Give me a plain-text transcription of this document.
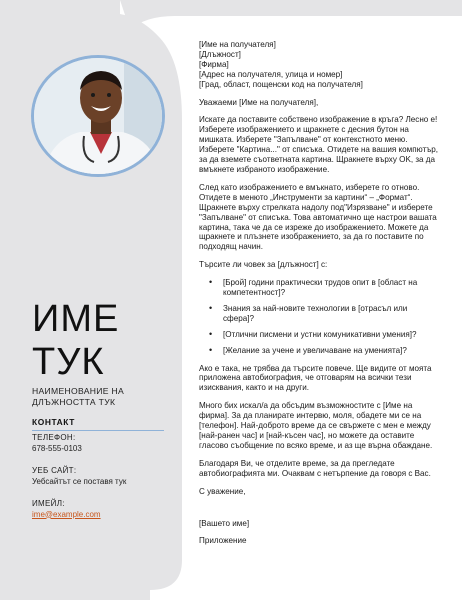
ИМЕ
ТУК
НАИМЕНОВАНИЕ НА ДЛЪЖНОСТТА ТУК
КОНТАКТ
ТЕЛЕФОН:
678-555-0103
УЕБ САЙТ:
Уебсайтът се поставя тук
ИМЕЙЛ:
ime@example.com

[Име на получателя]
[Длъжност]
[Фирма]
[Адрес на получателя, улица и номер]
[Град, област, пощенски код на получателя]

Уважаеми [Име на получателя],

Искате да поставите собствено изображение в кръга? Лесно е! Изберете изображението и щракнете с десния бутон на мишката. Изберете "Запълване" от контекстното меню. Изберете "Картина..." от списъка. Отидете на вашия компютър, за да вземете съответната картина. Щракнете върху OK, за да вмъкнете избраното изображение.

След като изображението е вмъкнато, изберете го отново. Отидете в менюто „Инструменти за картини“ – „Формат“. Щракнете върху стрелката надолу под"Изрязване" и изберете "Запълване" от списъка. Това автоматично ще настрои вашата картина, така че да се изреже до изображението. Можете да щракнете и плъзнете изображението, за да го поставите по подходящ начин.

Търсите ли човек за [длъжност] с:

• [Брой] години практически трудов опит в [област на компетентност]?
• Знания за най-новите технологии в [отрасъл или сфера]?
• [Отлични писмени и устни комуникативни умения]?
• [Желание за учене и увеличаване на уменията]?

Ако е така, не трябва да търсите повече. Ще видите от моята приложена автобиография, че отговарям на всички тези изисквания, както и на други.

Много бих искал/а да обсъдим възможностите с [Име на фирма]. За да планирате интервю, моля, обадете ми се на [телефон]. Най-доброто време да се свържете с мен е между [най-ранен час] и [най-късен час], но можете да оставите гласово съобщение по всяко време, и аз ще върна обаждане.

Благодаря Ви, че отделите време, за да прегледате автобиографията ми. Очаквам с нетърпение да говоря с Вас.

С уважение,

[Вашето име]

Приложение
